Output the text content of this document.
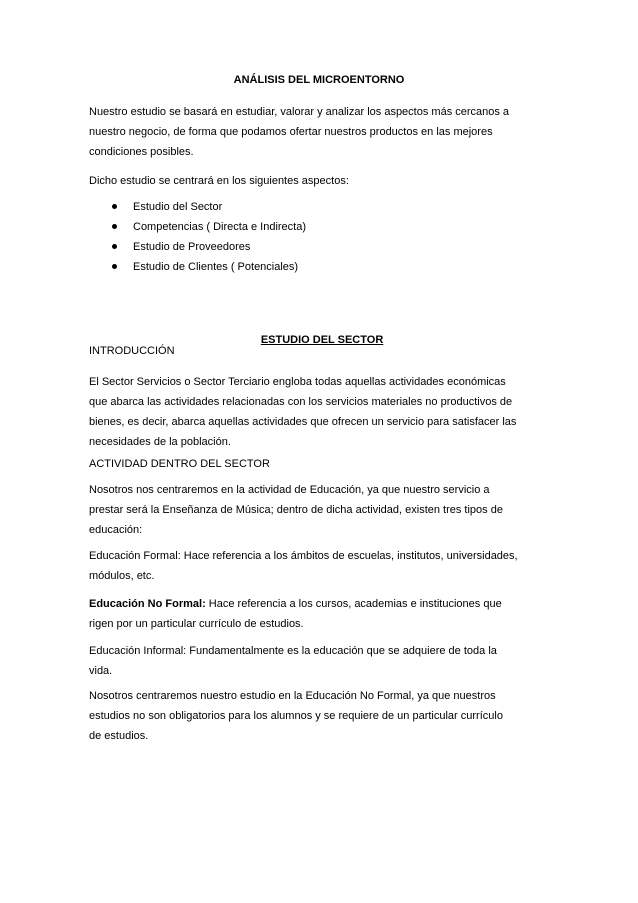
ANÁLISIS DEL MICROENTORNO
Nuestro estudio se basará en estudiar, valorar y analizar los aspectos más cercanos a
nuestro negocio, de forma que podamos ofertar nuestros productos en las mejores
condiciones posibles.
Dicho estudio se centrará en los siguientes aspectos:

Estudio del Sector

Competencias ( Directa e Indirecta)

Estudio de Proveedores

Estudio de Clientes ( Potenciales)

ESTUDIO DEL SECTOR

INTRODUCCIÓN
El Sector Servicios o Sector Terciario engloba todas aquellas actividades económicas
que abarca las actividades relacionadas con los servicios materiales no productivos de
bienes, es decir, abarca aquellas actividades que ofrecen un servicio para satisfacer las
necesidades de la población.
ACTIVIDAD DENTRO DEL SECTOR
Nosotros nos centraremos en la actividad de Educación, ya que nuestro servicio a
prestar será la Enseñanza de Música; dentro de dicha actividad, existen tres tipos de
educación:
Educación Formal: Hace referencia a los ámbitos de escuelas, institutos, universidades,
módulos, etc.
Educación No Formal: Hace referencia a los cursos, academias e instituciones que
rigen por un particular currículo de estudios.
Educación Informal: Fundamentalmente es la educación que se adquiere de toda la
vida.
Nosotros centraremos nuestro estudio en la Educación No Formal, ya que nuestros
estudios no son obligatorios para los alumnos y se requiere de un particular currículo
de estudios.
